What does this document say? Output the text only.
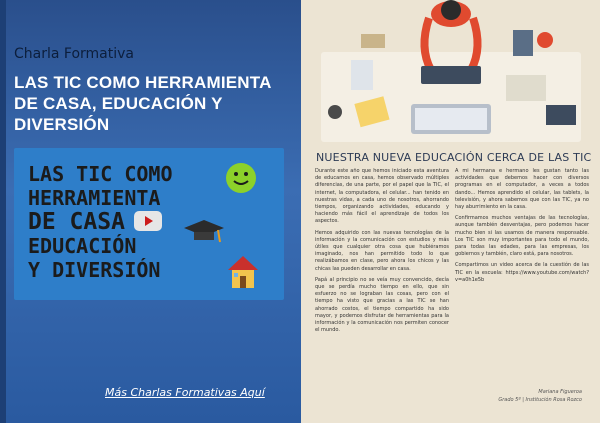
Charla Formativa
LAS TIC COMO HERRAMIENTA DE CASA, EDUCACIÓN Y DIVERSIÓN
LAS TIC COMO
HERRAMIENTA
DE CASA
EDUCACIÓN
Y DIVERSIÓN
Más Charlas Formativas Aquí
NUESTRA NUEVA EDUCACIÓN CERCA DE LAS TIC

Durante este año que hemos iniciado esta aventura de educarnos en casa, hemos observado múltiples diferencias, de una parte, por el papel que la TIC, el internet, la computadora, el celular... han tenido en nuestras vidas, a cada uno de nosotros, ahorrando tiempos, organizando actividades, educando y haciendo más fácil el aprendizaje de todos los aspectos.

Hemos adquirido con las nuevas tecnologías de la información y la comunicación con estudios y más útiles que cualquier otra cosa que hubiéramos imaginado, nos han permitido todo lo que realizábamos en clase, pero ahora los chicos y las chicas las pueden desarrollar en casa.

Papá al principio no se veía muy convencido, decía que se perdía mucho tiempo en ello, que sin esfuerzo no se lograban las cosas, pero con el tiempo ha visto que gracias a las TIC se han ahorrado costos, el tiempo compartido ha sido mayor, y podemos disfrutar de herramientas para la información y la comunicación nos permiten conocer el mundo.

A mi hermana e hermano les gustan tanto las actividades que debemos hacer con diversos programas en el computador, a veces a todos dando... Hemos aprendido el celular, las tablets, la televisión, y ahora sabemos que con las TIC, ya no hay aburrimiento en la casa.

Confirmamos muchos ventajas de las tecnologías, aunque también desventajas, pero podemos hacer mucho bien si las usamos de manera responsable. Los TIC son muy importantes para todo el mundo, para todas las edades, para las empresas, los gobiernos y también, claro está, para nosotros.

Compartimos un video acerca de la cuestión de las TIC en la escuela: https://www.youtube.com/watch?v=a0h1e5b

Mariana Figueroa
Grado 5º | Institución Rosa Rozco
